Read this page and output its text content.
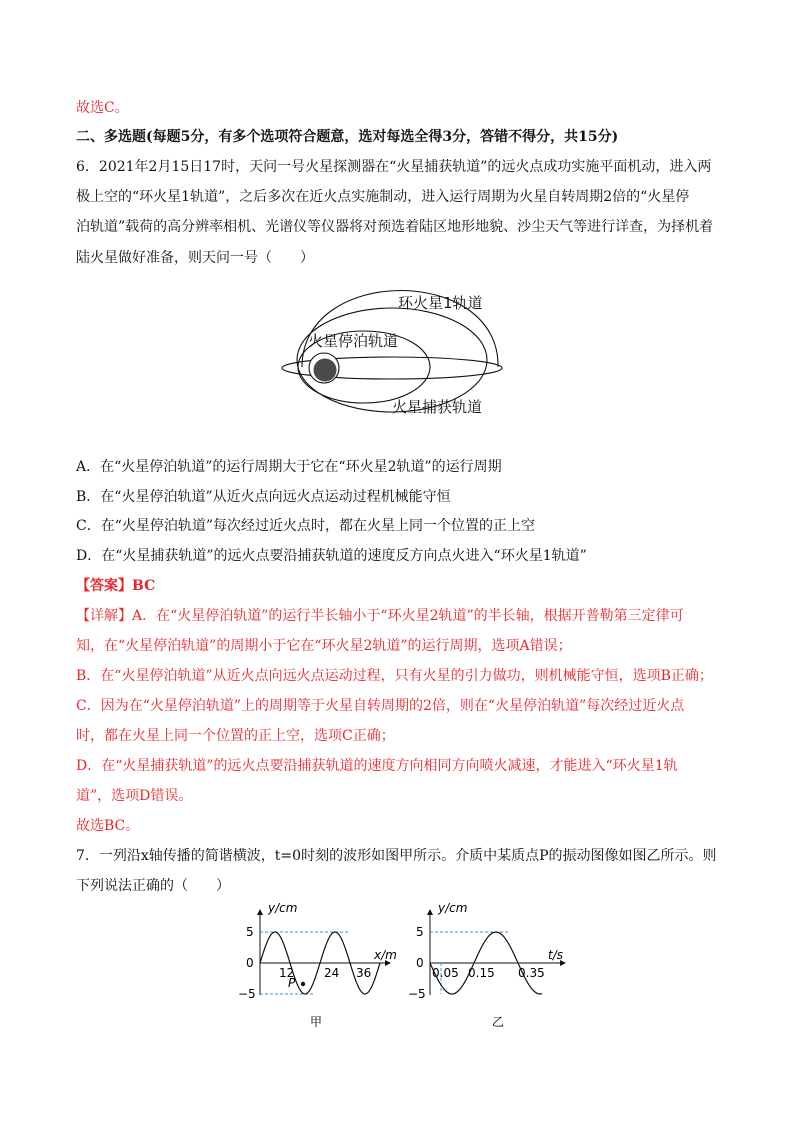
故选C。
二、多选题(每题5分，有多个选项符合题意，选对每选全得3分，答错不得分，共15分)
6．2021年2月15日17时，天问一号火星探测器在“火星捕获轨道”的远火点成功实施平面机动，进入两
极上空的“环火星1轨道”，之后多次在近火点实施制动，进入运行周期为火星自转周期2倍的“火星停
泊轨道”载荷的高分辨率相机、光谱仪等仪器将对预选着陆区地形地貌、沙尘天气等进行详查，为择机着
陆火星做好准备，则天问一号（　　）
环火星1轨道
火星停泊轨道
火星捕获轨道
A．在“火星停泊轨道”的运行周期大于它在“环火星2轨道”的运行周期
B．在“火星停泊轨道”从近火点向远火点运动过程机械能守恒
C．在“火星停泊轨道”每次经过近火点时，都在火星上同一个位置的正上空
D．在“火星捕获轨道”的远火点要沿捕获轨道的速度反方向点火进入“环火星1轨道”
【答案】BC
【详解】A．在“火星停泊轨道”的运行半长轴小于“环火星2轨道”的半长轴，根据开普勒第三定律可
知，在“火星停泊轨道”的周期小于它在“环火星2轨道”的运行周期，选项A错误；
B．在“火星停泊轨道”从近火点向远火点运动过程，只有火星的引力做功，则机械能守恒，选项B正确；
C．因为在“火星停泊轨道”上的周期等于火星自转周期的2倍，则在“火星停泊轨道”每次经过近火点
时，都在火星上同一个位置的正上空，选项C正确；
D．在“火星捕获轨道”的远火点要沿捕获轨道的速度方向相同方向喷火减速，才能进入“环火星1轨
道”，选项D错误。
故选BC。
7．一列沿x轴传播的简谐横波，t=0时刻的波形如图甲所示。介质中某质点P的振动图像如图乙所示。则
下列说法正确的（　　）
y/cm
x/m
0
5
−5
12 24 36
P
甲
y/cm
t/s
0
5
−5
0.05 0.15 0.35
乙
